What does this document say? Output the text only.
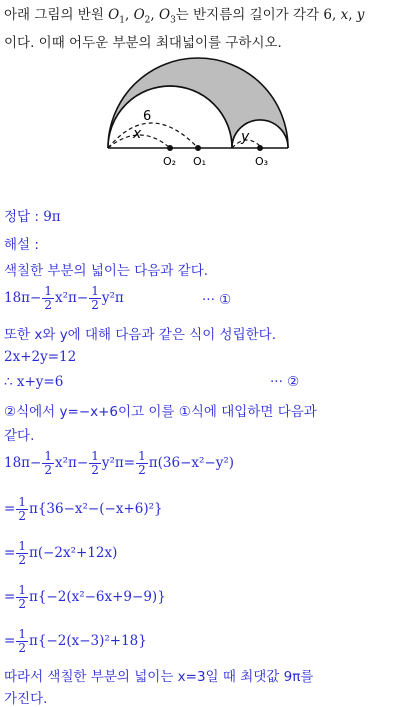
아래 그림의 반원 $O_1$, $O_2$, $O_3$는 반지름의 길이가 각각 6, x, y
이다. 이때 어두운 부분의 최대넓이를 구하시오.
6
x	y
O₂ O₁	O₃
정답 : 9π
해설 :
색칠한 부분의 넓이는 다음과 같다.
$18\pi- \frac{1}{2} x^2\pi- \frac{1}{2} y^2\pi$	··· ①
또한 x와 y에 대해 다음과 같은 식이 성립한다.
2x+2y=12
∴ x+y=6	··· ②
②식에서 y=−x+6이고 이를 ①식에 대입하면 다음과
같다.
$18\pi- \frac{1}{2} x^2\pi- \frac{1}{2} y^2\pi= \frac{1}{2} \pi(36-x^2-y^2)$
= $\frac{1}{2} \pi\{36-x^2-(-x+6)^2\}$
= $\frac{1}{2} \pi(-2x^2+12x)$
= $\frac{1}{2} \pi\{-2(x^2-6x+9-9)\}$
= $\frac{1}{2} \pi\{-2(x-3)^2+18\}$
따라서 색칠한 부분의 넓이는 x=3일 때 최댓값 9π를
가진다.
